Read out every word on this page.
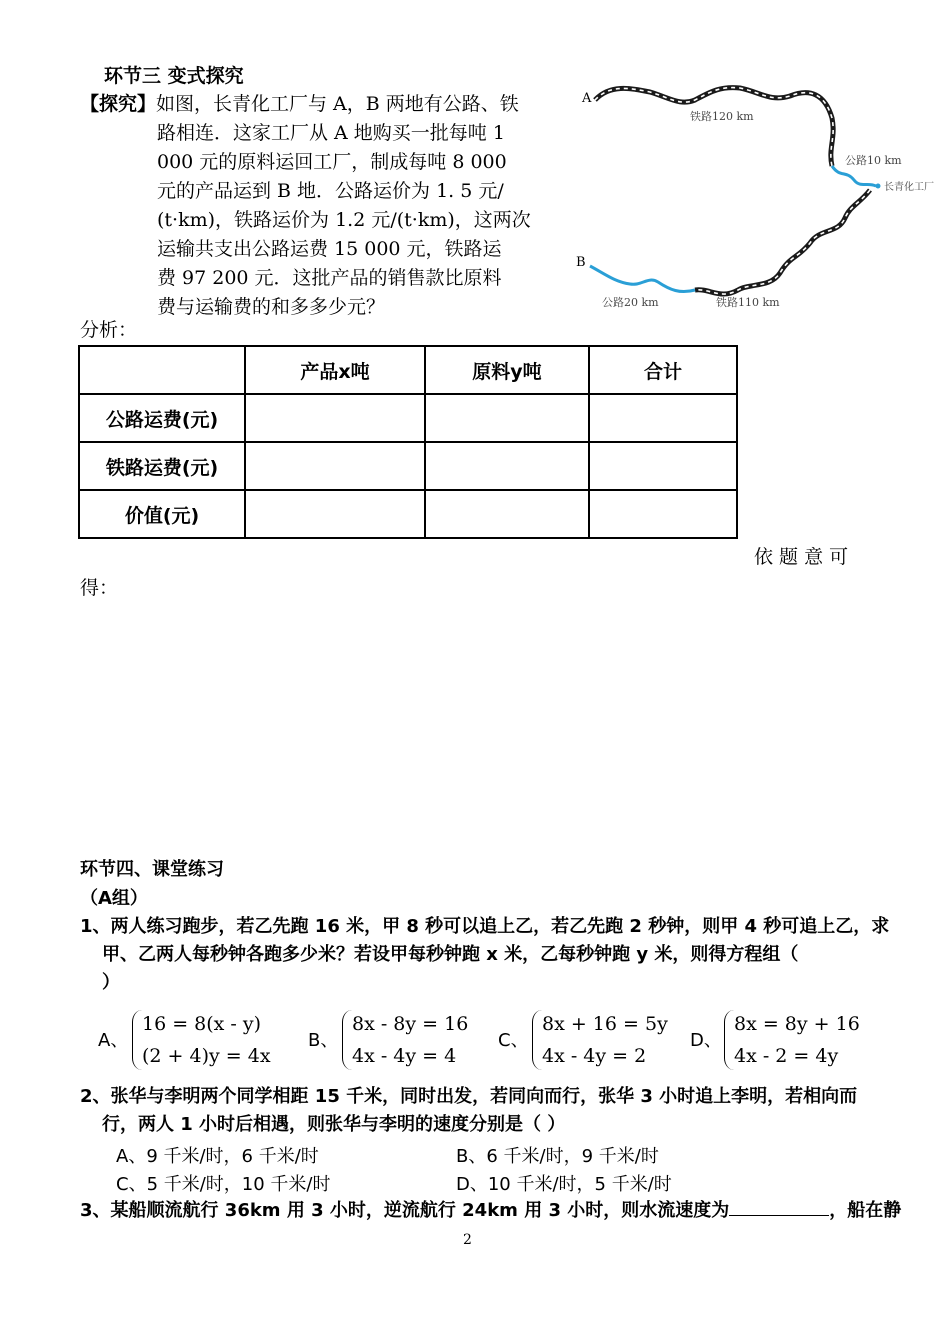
环节三 变式探究
【探究】如图，长青化工厂与 A，B 两地有公路、铁
路相连．这家工厂从 A 地购买一批每吨 1
000 元的原料运回工厂，制成每吨 8 000
元的产品运到 B 地．公路运价为 1. 5 元/
(t·km)，铁路运价为 1.2 元/(t·km)，这两次
运输共支出公路运费 15 000 元，铁路运
费 97 200 元．这批产品的销售款比原料
费与运输费的和多多少元？
A
B
铁路120 km
公路10 km
长青化工厂
公路20 km	铁路110 km
分析：
	产品x吨	原料y吨	合计
公路运费(元)			
铁路运费(元)			
价值(元)			
依 题 意 可
得：
环节四、课堂练习
（A组）
1、两人练习跑步，若乙先跑 16 米，甲 8 秒可以追上乙，若乙先跑 2 秒钟，则甲 4 秒可追上乙，求
甲、乙两人每秒钟各跑多少米？若设甲每秒钟跑 x 米，乙每秒钟跑 y 米，则得方程组（
）
A、
16 = 8(x - y)
(2 + 4)y = 4x
B、
8x - 8y = 16
4x - 4y = 4
C、
8x + 16 = 5y
4x - 4y = 2
D、
8x = 8y + 16
4x - 2 = 4y
2、张华与李明两个同学相距 15 千米，同时出发，若同向而行，张华 3 小时追上李明，若相向而
行，两人 1 小时后相遇，则张华与李明的速度分别是（ ）
A、9 千米/时，6 千米/时	B、6 千米/时，9 千米/时
C、5 千米/时，10 千米/时	D、10 千米/时，5 千米/时
3、某船顺流航行 36km 用 3 小时，逆流航行 24km 用 3 小时，则水流速度为	，船在静
2
